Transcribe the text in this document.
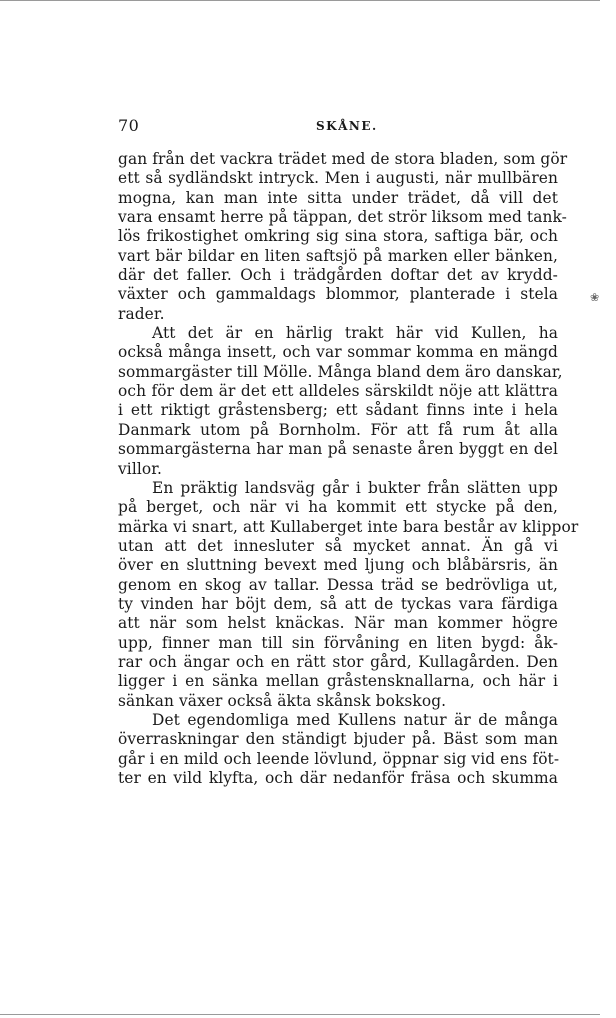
70	SKÅNE.
gan från det vackra trädet med de stora bladen, som gör
ett så sydländskt intryck. Men i augusti, när mullbären
mogna, kan man inte sitta under trädet, då vill det
vara ensamt herre på täppan, det strör liksom med tank-
lös frikostighet omkring sig sina stora, saftiga bär, och
vart bär bildar en liten saftsjö på marken eller bänken,
där det faller. Och i trädgården doftar det av krydd-
växter och gammaldags blommor, planterade i stela
rader.
Att det är en härlig trakt här vid Kullen, ha
också många insett, och var sommar komma en mängd
sommargäster till Mölle. Många bland dem äro danskar,
och för dem är det ett alldeles särskildt nöje att klättra
i ett riktigt gråstensberg; ett sådant finns inte i hela
Danmark utom på Bornholm. För att få rum åt alla
sommargästerna har man på senaste åren byggt en del
villor.
En präktig landsväg går i bukter från slätten upp
på berget, och när vi ha kommit ett stycke på den,
märka vi snart, att Kullaberget inte bara består av klippor
utan att det innesluter så mycket annat. Än gå vi
över en sluttning bevext med ljung och blåbärsris, än
genom en skog av tallar. Dessa träd se bedrövliga ut,
ty vinden har böjt dem, så att de tyckas vara färdiga
att när som helst knäckas. När man kommer högre
upp, finner man till sin förvåning en liten bygd: åk-
rar och ängar och en rätt stor gård, Kullagården. Den
ligger i en sänka mellan gråstensknallarna, och här i
sänkan växer också äkta skånsk bokskog.
Det egendomliga med Kullens natur är de många
överraskningar den ständigt bjuder på. Bäst som man
går i en mild och leende lövlund, öppnar sig vid ens föt-
ter en vild klyfta, och där nedanför fräsa och skumma
❀
